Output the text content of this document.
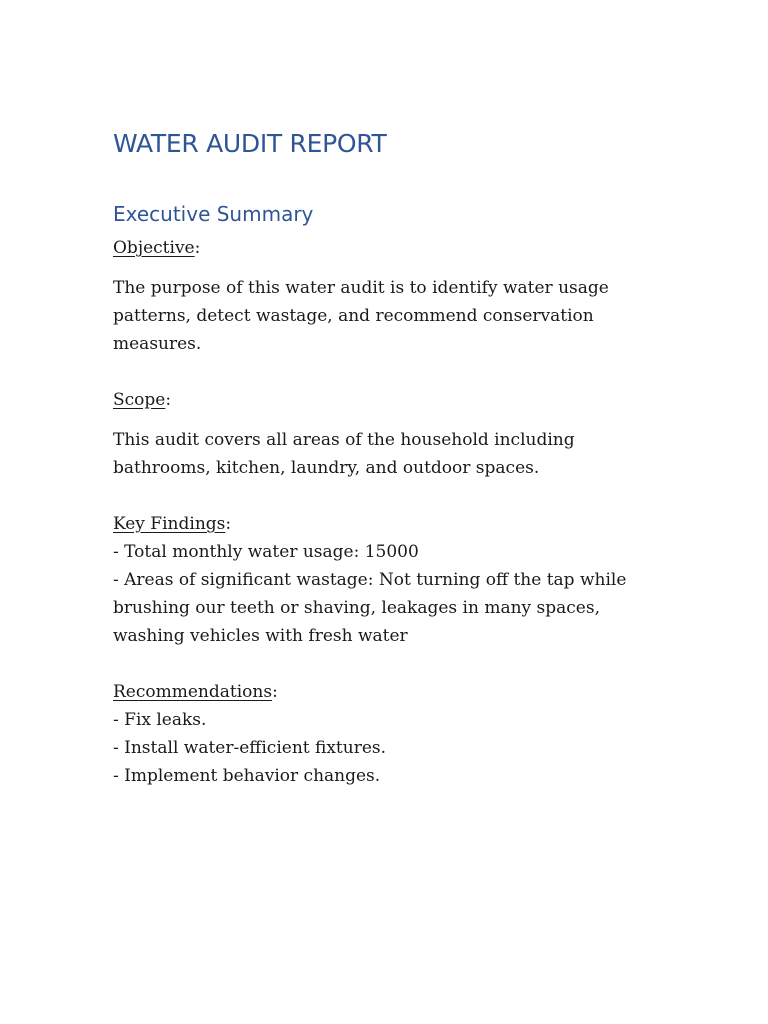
WATER AUDIT REPORT
Executive Summary

Objective:

The purpose of this water audit is to identify water usage patterns, detect wastage, and recommend conservation measures.

Scope:

This audit covers all areas of the household including bathrooms, kitchen, laundry, and outdoor spaces.

Key Findings:

- Total monthly water usage: 15000

- Areas of significant wastage: Not turning off the tap while brushing our teeth or shaving, leakages in many spaces, washing vehicles with fresh water

Recommendations:

- Fix leaks.

- Install water-efficient fixtures.

- Implement behavior changes.
